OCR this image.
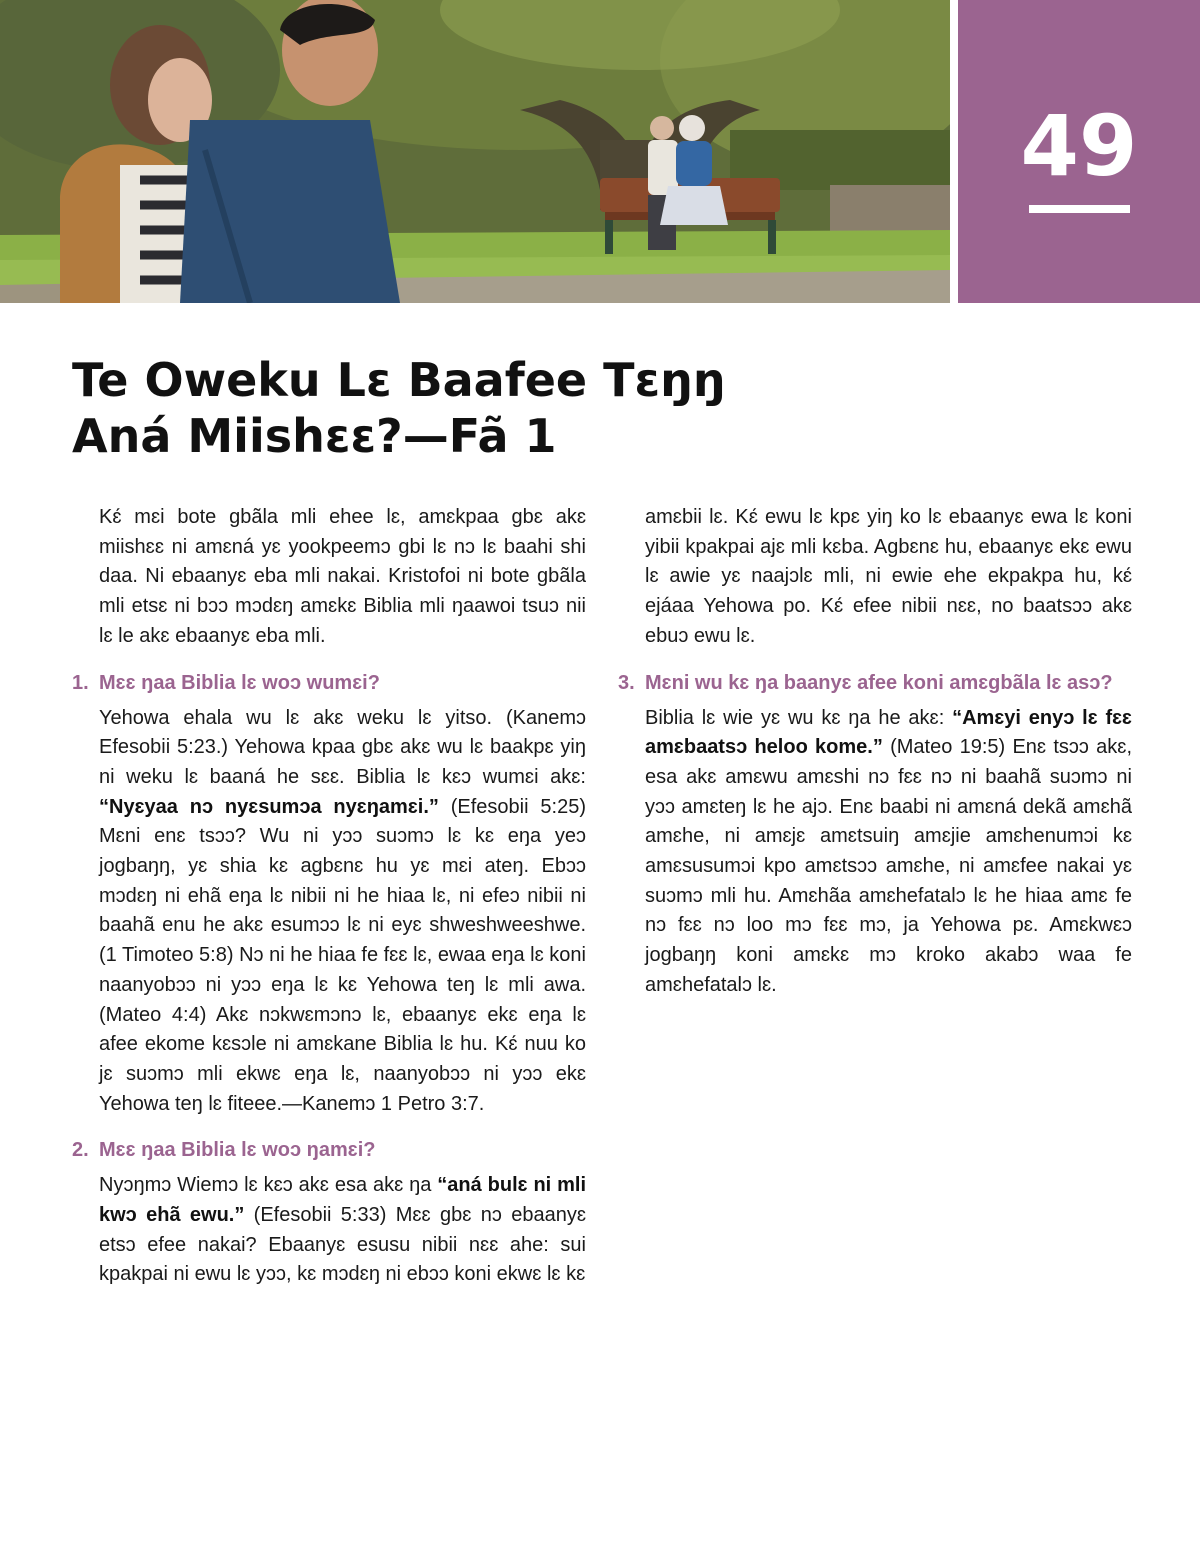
49
Te Oweku Lɛ Baafee Tɛŋŋ
Aná Miishɛɛ?—Fã 1

Kɛ́ mɛi bote gbãla mli ehee lɛ, amɛkpaa gbɛ akɛ miishɛɛ ni amɛná yɛ yookpeemɔ gbi lɛ nɔ lɛ baahi shi daa. Ni ebaanyɛ eba mli nakai. Kristofoi ni bote gbãla mli etsɛ ni bɔɔ mɔdɛŋ amɛkɛ Biblia mli ŋaawoi tsuɔ nii lɛ le akɛ ebaanyɛ eba mli.

1. Mɛɛ ŋaa Biblia lɛ woɔ wumɛi?

Yehowa ehala wu lɛ akɛ weku lɛ yitso. (Kanemɔ Efesobii 5:23.) Yehowa kpaa gbɛ akɛ wu lɛ baakpɛ yiŋ ni weku lɛ baaná he sɛɛ. Biblia lɛ kɛɔ wumɛi akɛ: “Nyɛyaa nɔ nyɛsumɔa nyɛŋamɛi.” (Efesobii 5:25) Mɛni enɛ tsɔɔ? Wu ni yɔɔ suɔmɔ lɛ kɛ eŋa yeɔ jogbaŋŋ, yɛ shia kɛ agbɛnɛ hu yɛ mɛi ateŋ. Ebɔɔ mɔdɛŋ ni ehã eŋa lɛ nibii ni he hiaa lɛ, ni efeɔ nibii ni baahã enu he akɛ esumɔɔ lɛ ni eyɛ shweshweeshwe. (1 Timoteo 5:8) Nɔ ni he hiaa fe fɛɛ lɛ, ewaa eŋa lɛ koni naanyobɔɔ ni yɔɔ eŋa lɛ kɛ Yehowa teŋ lɛ mli awa. (Mateo 4:4) Akɛ nɔkwɛmɔnɔ lɛ, ebaanyɛ ekɛ eŋa lɛ afee ekome kɛsɔle ni amɛkane Biblia lɛ hu. Kɛ́ nuu ko jɛ suɔmɔ mli ekwɛ eŋa lɛ, naanyobɔɔ ni yɔɔ ekɛ Yehowa teŋ lɛ fiteee.—Kanemɔ 1 Petro 3:7.

2. Mɛɛ ŋaa Biblia lɛ woɔ ŋamɛi?

Nyɔŋmɔ Wiemɔ lɛ kɛɔ akɛ esa akɛ ŋa “aná bulɛ ni mli kwɔ ehã ewu.” (Efesobii 5:33) Mɛɛ gbɛ nɔ ebaanyɛ etsɔ efee nakai? Ebaanyɛ esusu nibii nɛɛ ahe: sui kpakpai ni ewu lɛ yɔɔ, kɛ mɔdɛŋ ni ebɔɔ koni ekwɛ lɛ kɛ

amɛbii lɛ. Kɛ́ ewu lɛ kpɛ yiŋ ko lɛ ebaanyɛ ewa lɛ koni yibii kpakpai ajɛ mli kɛba. Agbɛnɛ hu, ebaanyɛ ekɛ ewu lɛ awie yɛ naajɔlɛ mli, ni ewie ehe ekpakpa hu, kɛ́ ejáaa Yehowa po. Kɛ́ efee nibii nɛɛ, no baatsɔɔ akɛ ebuɔ ewu lɛ.

3. Mɛni wu kɛ ŋa baanyɛ afee koni amɛgbãla lɛ asɔ?

Biblia lɛ wie yɛ wu kɛ ŋa he akɛ: “Amɛyi enyɔ lɛ fɛɛ amɛbaatsɔ heloo kome.” (Mateo 19:5) Enɛ tsɔɔ akɛ, esa akɛ amɛwu amɛshi nɔ fɛɛ nɔ ni baahã suɔmɔ ni yɔɔ amɛteŋ lɛ he ajɔ. Enɛ baabi ni amɛná dekã amɛhã amɛhe, ni amɛjɛ amɛtsuiŋ amɛjie amɛhenumɔi kɛ amɛsusumɔi kpo amɛtsɔɔ amɛhe, ni amɛfee nakai yɛ suɔmɔ mli hu. Amɛhãa amɛhefatalɔ lɛ he hiaa amɛ fe nɔ fɛɛ nɔ loo mɔ fɛɛ mɔ, ja Yehowa pɛ. Amɛkwɛɔ jogbaŋŋ koni amɛkɛ mɔ kroko akabɔ waa fe amɛhefatalɔ lɛ.
